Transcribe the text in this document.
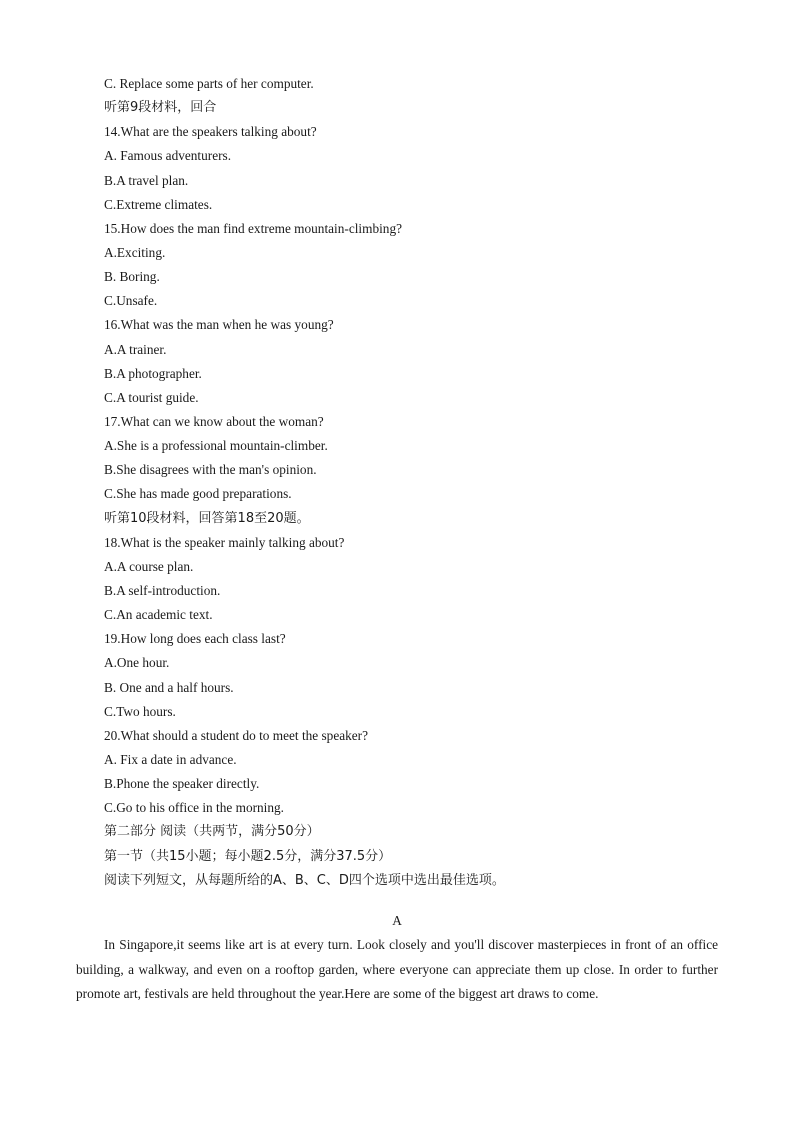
C. Replace some parts of her computer.
听第9段材料，回合
14.What are the speakers talking about?
A. Famous adventurers.
B.A travel plan.
C.Extreme climates.
15.How does the man find extreme mountain-climbing?
A.Exciting.
B. Boring.
C.Unsafe.
16.What was the man when he was young?
A.A trainer.
B.A photographer.
C.A tourist guide.
17.What can we know about the woman?
A.She is a professional mountain-climber.
B.She disagrees with the man's opinion.
C.She has made good preparations.
听第10段材料，回答第18至20题。
18.What is the speaker mainly talking about?
A.A course plan.
B.A self-introduction.
C.An academic text.
19.How long does each class last?
A.One hour.
B. One and a half hours.
C.Two hours.
20.What should a student do to meet the speaker?
A. Fix a date in advance.
B.Phone the speaker directly.
C.Go to his office in the morning.
第二部分 阅读（共两节，满分50分）
第一节（共15小题；每小题2.5分，满分37.5分）
阅读下列短文，从每题所给的A、B、C、D四个选项中选出最佳选项。
A
In Singapore,it seems like art is at every turn. Look closely and you'll discover masterpieces in front of an office building, a walkway, and even on a rooftop garden, where everyone can appreciate them up close. In order to further promote art, festivals are held throughout the year.Here are some of the biggest art draws to come.
